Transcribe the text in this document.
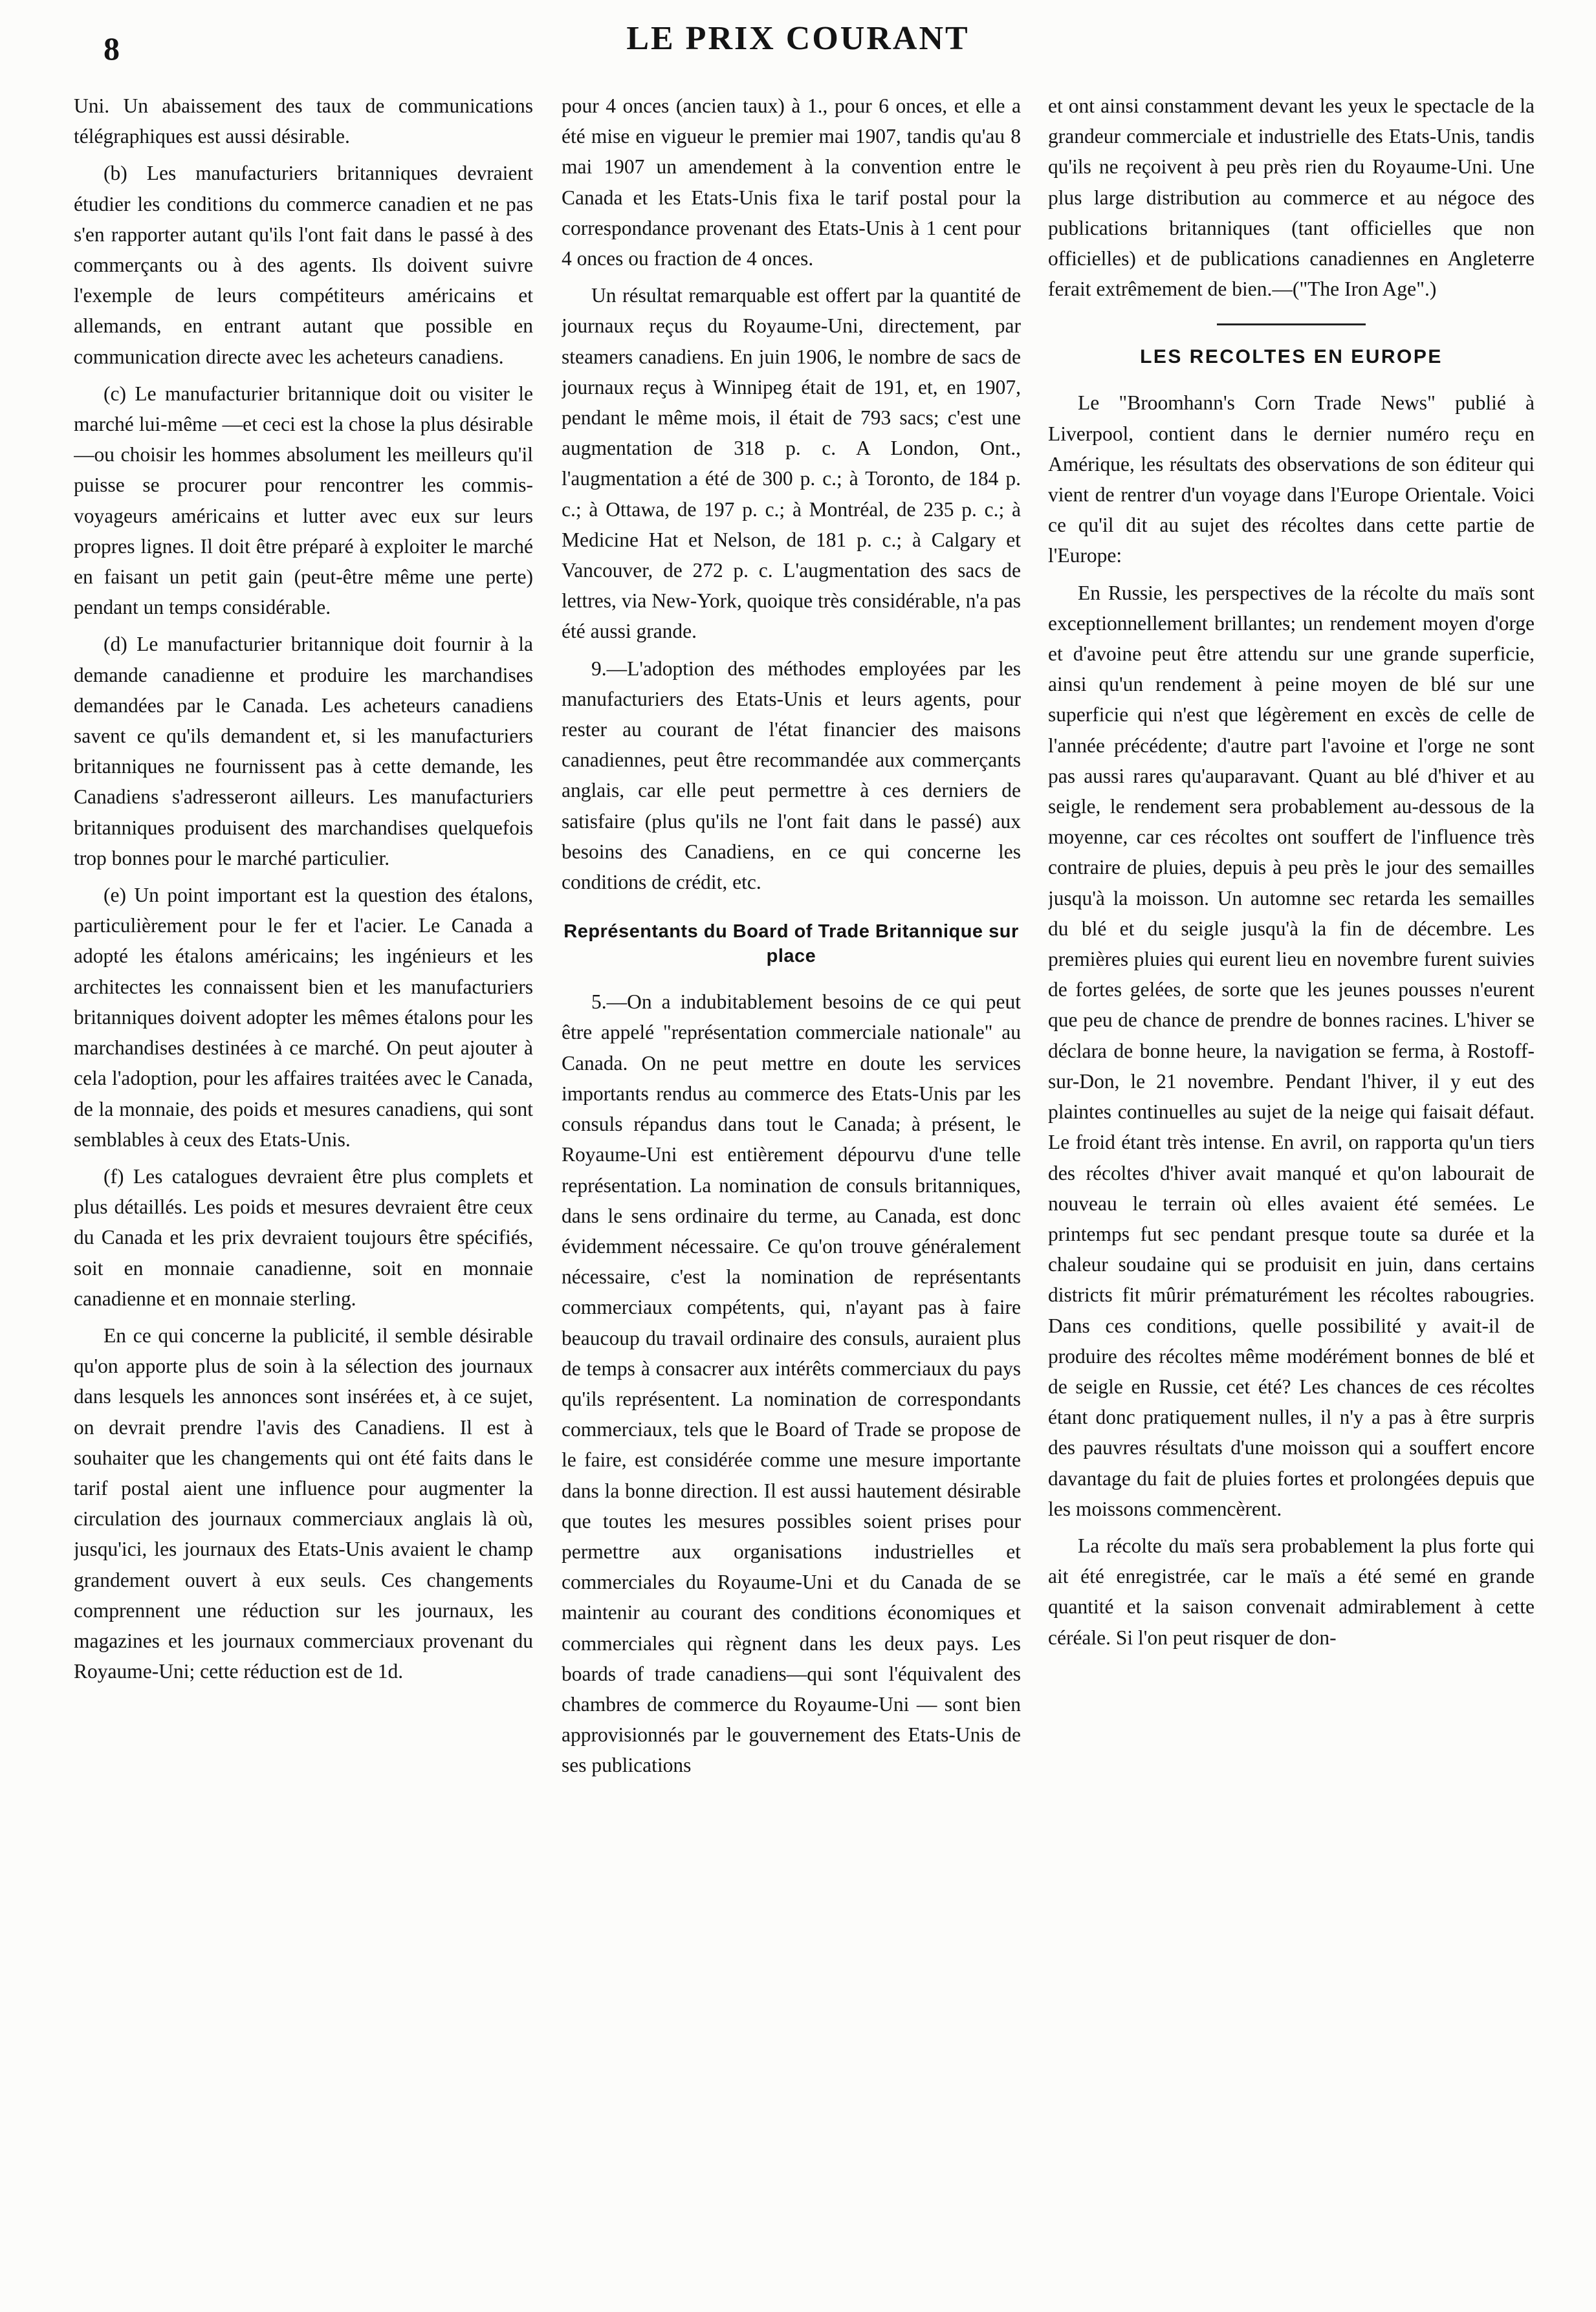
8	LE PRIX COURANT

Uni. Un abaissement des taux de communications télégraphiques est aussi désirable.

(b) Les manufacturiers britanniques devraient étudier les conditions du commerce canadien et ne pas s'en rapporter autant qu'ils l'ont fait dans le passé à des commerçants ou à des agents. Ils doivent suivre l'exemple de leurs compétiteurs américains et allemands, en entrant autant que possible en communication directe avec les acheteurs canadiens.

(c) Le manufacturier britannique doit ou visiter le marché lui-même —et ceci est la chose la plus désirable—ou choisir les hommes absolument les meilleurs qu'il puisse se procurer pour rencontrer les commis-voyageurs américains et lutter avec eux sur leurs propres lignes. Il doit être préparé à exploiter le marché en faisant un petit gain (peut-être même une perte) pendant un temps considérable.

(d) Le manufacturier britannique doit fournir à la demande canadienne et produire les marchandises demandées par le Canada. Les acheteurs canadiens savent ce qu'ils demandent et, si les manufacturiers britanniques ne fournissent pas à cette demande, les Canadiens s'adresseront ailleurs. Les manufacturiers britanniques produisent des marchandises quelquefois trop bonnes pour le marché particulier.

(e) Un point important est la question des étalons, particulièrement pour le fer et l'acier. Le Canada a adopté les étalons américains; les ingénieurs et les architectes les connaissent bien et les manufacturiers britanniques doivent adopter les mêmes étalons pour les marchandises destinées à ce marché. On peut ajouter à cela l'adoption, pour les affaires traitées avec le Canada, de la monnaie, des poids et mesures canadiens, qui sont semblables à ceux des Etats-Unis.

(f) Les catalogues devraient être plus complets et plus détaillés. Les poids et mesures devraient être ceux du Canada et les prix devraient toujours être spécifiés, soit en monnaie canadienne, soit en monnaie canadienne et en monnaie sterling.

En ce qui concerne la publicité, il semble désirable qu'on apporte plus de soin à la sélection des journaux dans lesquels les annonces sont insérées et, à ce sujet, on devrait prendre l'avis des Canadiens. Il est à souhaiter que les changements qui ont été faits dans le tarif postal aient une influence pour augmenter la circulation des journaux commerciaux anglais là où, jusqu'ici, les journaux des Etats-Unis avaient le champ grandement ouvert à eux seuls. Ces changements comprennent une réduction sur les journaux, les magazines et les journaux commerciaux provenant du Royaume-Uni; cette réduction est de 1d.

pour 4 onces (ancien taux) à 1., pour 6 onces, et elle a été mise en vigueur le premier mai 1907, tandis qu'au 8 mai 1907 un amendement à la convention entre le Canada et les Etats-Unis fixa le tarif postal pour la correspondance provenant des Etats-Unis à 1 cent pour 4 onces ou fraction de 4 onces.

Un résultat remarquable est offert par la quantité de journaux reçus du Royaume-Uni, directement, par steamers canadiens. En juin 1906, le nombre de sacs de journaux reçus à Winnipeg était de 191, et, en 1907, pendant le même mois, il était de 793 sacs; c'est une augmentation de 318 p. c. A London, Ont., l'augmentation a été de 300 p. c.; à Toronto, de 184 p. c.; à Ottawa, de 197 p. c.; à Montréal, de 235 p. c.; à Medicine Hat et Nelson, de 181 p. c.; à Calgary et Vancouver, de 272 p. c. L'augmentation des sacs de lettres, via New-York, quoique très considérable, n'a pas été aussi grande.

9.—L'adoption des méthodes employées par les manufacturiers des Etats-Unis et leurs agents, pour rester au courant de l'état financier des maisons canadiennes, peut être recommandée aux commerçants anglais, car elle peut permettre à ces derniers de satisfaire (plus qu'ils ne l'ont fait dans le passé) aux besoins des Canadiens, en ce qui concerne les conditions de crédit, etc.

Représentants du Board of Trade Britannique sur place

5.—On a indubitablement besoins de ce qui peut être appelé "représentation commerciale nationale" au Canada. On ne peut mettre en doute les services importants rendus au commerce des Etats-Unis par les consuls répandus dans tout le Canada; à présent, le Royaume-Uni est entièrement dépourvu d'une telle représentation. La nomination de consuls britanniques, dans le sens ordinaire du terme, au Canada, est donc évidemment nécessaire. Ce qu'on trouve généralement nécessaire, c'est la nomination de représentants commerciaux compétents, qui, n'ayant pas à faire beaucoup du travail ordinaire des consuls, auraient plus de temps à consacrer aux intérêts commerciaux du pays qu'ils représentent. La nomination de correspondants commerciaux, tels que le Board of Trade se propose de le faire, est considérée comme une mesure importante dans la bonne direction. Il est aussi hautement désirable que toutes les mesures possibles soient prises pour permettre aux organisations industrielles et commerciales du Royaume-Uni et du Canada de se maintenir au courant des conditions économiques et commerciales qui règnent dans les deux pays. Les boards of trade canadiens—qui sont l'équivalent des chambres de commerce du Royaume-Uni — sont bien approvisionnés par le gouvernement des Etats-Unis de ses publications

et ont ainsi constamment devant les yeux le spectacle de la grandeur commerciale et industrielle des Etats-Unis, tandis qu'ils ne reçoivent à peu près rien du Royaume-Uni. Une plus large distribution au commerce et au négoce des publications britanniques (tant officielles que non officielles) et de publications canadiennes en Angleterre ferait extrêmement de bien.—("The Iron Age".)

LES RECOLTES EN EUROPE

Le "Broomhann's Corn Trade News" publié à Liverpool, contient dans le dernier numéro reçu en Amérique, les résultats des observations de son éditeur qui vient de rentrer d'un voyage dans l'Europe Orientale. Voici ce qu'il dit au sujet des récoltes dans cette partie de l'Europe:

En Russie, les perspectives de la récolte du maïs sont exceptionnellement brillantes; un rendement moyen d'orge et d'avoine peut être attendu sur une grande superficie, ainsi qu'un rendement à peine moyen de blé sur une superficie qui n'est que légèrement en excès de celle de l'année précédente; d'autre part l'avoine et l'orge ne sont pas aussi rares qu'auparavant. Quant au blé d'hiver et au seigle, le rendement sera probablement au-dessous de la moyenne, car ces récoltes ont souffert de l'influence très contraire de pluies, depuis à peu près le jour des semailles jusqu'à la moisson. Un automne sec retarda les semailles du blé et du seigle jusqu'à la fin de décembre. Les premières pluies qui eurent lieu en novembre furent suivies de fortes gelées, de sorte que les jeunes pousses n'eurent que peu de chance de prendre de bonnes racines. L'hiver se déclara de bonne heure, la navigation se ferma, à Rostoff-sur-Don, le 21 novembre. Pendant l'hiver, il y eut des plaintes continuelles au sujet de la neige qui faisait défaut. Le froid étant très intense. En avril, on rapporta qu'un tiers des récoltes d'hiver avait manqué et qu'on labourait de nouveau le terrain où elles avaient été semées. Le printemps fut sec pendant presque toute sa durée et la chaleur soudaine qui se produisit en juin, dans certains districts fit mûrir prématurément les récoltes rabougries. Dans ces conditions, quelle possibilité y avait-il de produire des récoltes même modérément bonnes de blé et de seigle en Russie, cet été? Les chances de ces récoltes étant donc pratiquement nulles, il n'y a pas à être surpris des pauvres résultats d'une moisson qui a souffert encore davantage du fait de pluies fortes et prolongées depuis que les moissons commencèrent.

La récolte du maïs sera probablement la plus forte qui ait été enregistrée, car le maïs a été semé en grande quantité et la saison convenait admirablement à cette céréale. Si l'on peut risquer de don-
